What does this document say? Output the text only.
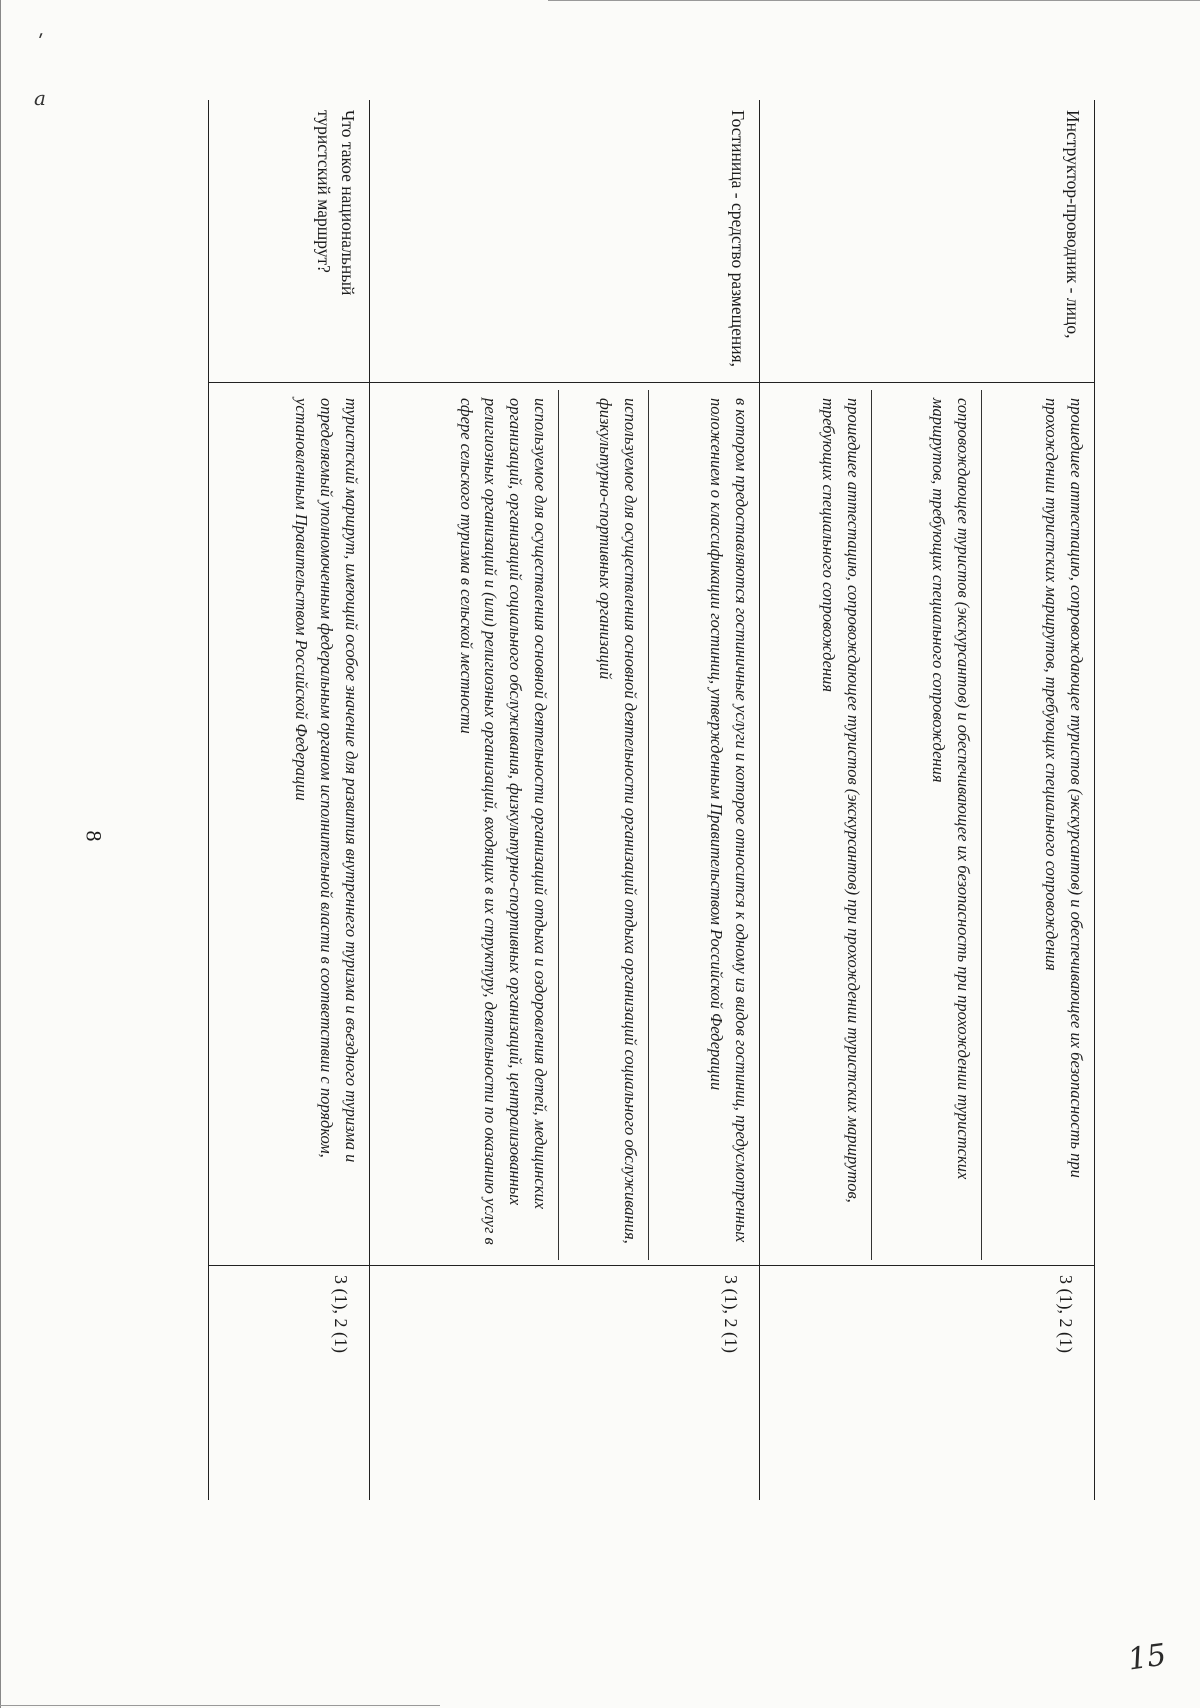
ʹ
a
8
Инструктор-проводник - лицо,
прошедшее аттестацию, сопровождающее туристов (экскурсантов) и обеспечивающее их безопасность при прохождении туристских маршрутов, требующих специального сопровождения
сопровождающее туристов (экскурсантов) и обеспечивающее их безопасность при прохождении туристских маршрутов, требующих специального сопровождения
прошедшее аттестацию, сопровождающее туристов (экскурсантов) при прохождении туристских маршрутов, требующих специального сопровождения
3 (1), 2 (1)
Гостиница - средство размещения,
в котором предоставляются гостиничные услуги и которое относится к одному из видов гостиниц, предусмотренных положением о классификации гостиниц, утвержденным Правительством Российской Федерации
используемое для осуществления основной деятельности организаций отдыха организаций социального обслуживания, физкультурно-спортивных организаций
используемое для осуществления основной деятельности организаций отдыха и оздоровления детей, медицинских организаций, организаций социального обслуживания, физкультурно-спортивных организаций, централизованных религиозных организаций и (или) религиозных организаций, входящих в их структуру, деятельности по оказанию услуг в сфере сельского туризма в сельской местности
3 (1), 2 (1)
Что такое национальный туристский маршрут?
туристский маршрут, имеющий особое значение для развития внутреннего туризма и въездного туризма и определяемый уполномоченным федеральным органом исполнительной власти в соответствии с порядком, установленным Правительством Российской Федерации
3 (1), 2 (1)
15
